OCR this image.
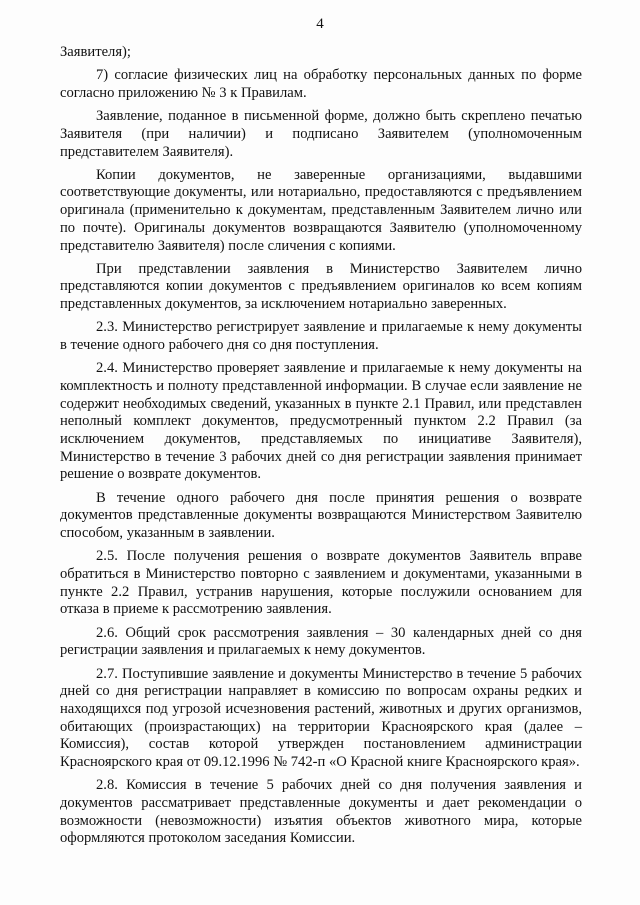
4

Заявителя);

7) согласие физических лиц на обработку персональных данных по форме согласно приложению № 3 к Правилам.

Заявление, поданное в письменной форме, должно быть скреплено печатью Заявителя (при наличии) и подписано Заявителем (уполномоченным представителем Заявителя).

Копии документов, не заверенные организациями, выдавшими соответствующие документы, или нотариально, предоставляются с предъявлением оригинала (применительно к документам, представленным Заявителем лично или по почте). Оригиналы документов возвращаются Заявителю (уполномоченному представителю Заявителя) после сличения с копиями.

При представлении заявления в Министерство Заявителем лично представляются копии документов с предъявлением оригиналов ко всем копиям представленных документов, за исключением нотариально заверенных.

2.3. Министерство регистрирует заявление и прилагаемые к нему документы в течение одного рабочего дня со дня поступления.

2.4. Министерство проверяет заявление и прилагаемые к нему документы на комплектность и полноту представленной информации. В случае если заявление не содержит необходимых сведений, указанных в пункте 2.1 Правил, или представлен неполный комплект документов, предусмотренный пунктом 2.2 Правил (за исключением документов, представляемых по инициативе Заявителя), Министерство в течение 3 рабочих дней со дня регистрации заявления принимает решение о возврате документов.

В течение одного рабочего дня после принятия решения о возврате документов представленные документы возвращаются Министерством Заявителю способом, указанным в заявлении.

2.5. После получения решения о возврате документов Заявитель вправе обратиться в Министерство повторно с заявлением и документами, указанными в пункте 2.2 Правил, устранив нарушения, которые послужили основанием для отказа в приеме к рассмотрению заявления.

2.6. Общий срок рассмотрения заявления – 30 календарных дней со дня регистрации заявления и прилагаемых к нему документов.

2.7. Поступившие заявление и документы Министерство в течение 5 рабочих дней со дня регистрации направляет в комиссию по вопросам охраны редких и находящихся под угрозой исчезновения растений, животных и других организмов, обитающих (произрастающих) на территории Красноярского края (далее – Комиссия), состав которой утвержден постановлением администрации Красноярского края от 09.12.1996 № 742-п «О Красной книге Красноярского края».

2.8. Комиссия в течение 5 рабочих дней со дня получения заявления и документов рассматривает представленные документы и дает рекомендации о возможности (невозможности) изъятия объектов животного мира, которые оформляются протоколом заседания Комиссии.
